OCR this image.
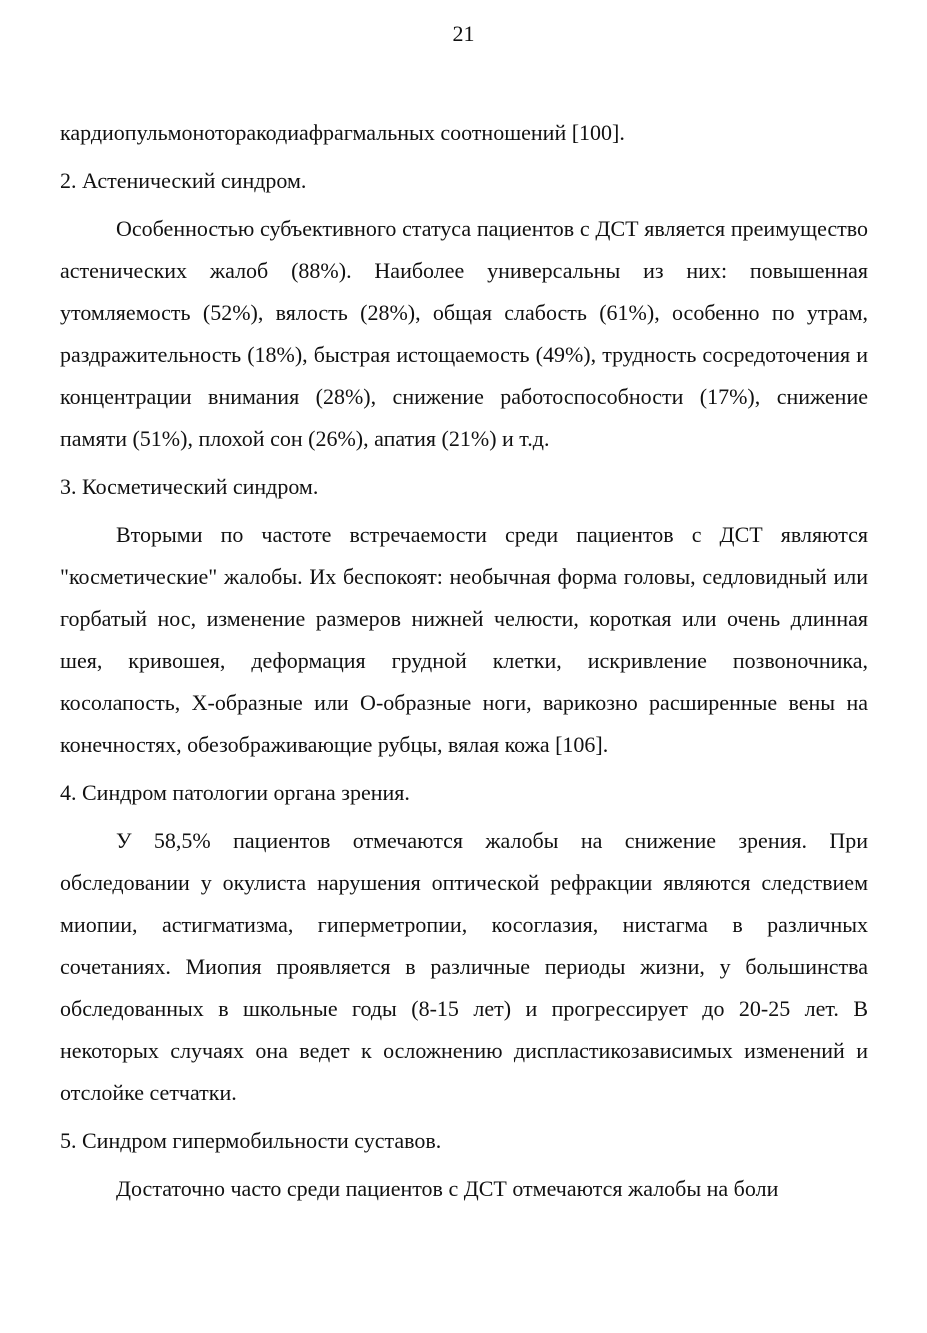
21

кардиопульмоноторакодиафрагмальных соотношений [100].

2. Астенический синдром.

Особенностью субъективного статуса пациентов с ДСТ является преимущество астенических жалоб (88%). Наиболее универсальны из них: повышенная утомляемость (52%), вялость (28%), общая слабость (61%), особенно по утрам, раздражительность (18%), быстрая истощаемость (49%), трудность сосредоточения и концентрации внимания (28%), снижение работоспособности (17%), снижение памяти (51%), плохой сон (26%), апатия (21%) и т.д.

3. Косметический синдром.

Вторыми по частоте встречаемости среди пациентов с ДСТ являются "косметические" жалобы. Их беспокоят: необычная форма головы, седловидный или горбатый нос, изменение размеров нижней челюсти, короткая или очень длинная шея, кривошея, деформация грудной клетки, искривление позвоночника, косолапость, Х-образные или О-образные ноги, варикозно расширенные вены на конечностях, обезображивающие рубцы, вялая кожа [106].

4. Синдром патологии органа зрения.

У 58,5% пациентов отмечаются жалобы на снижение зрения. При обследовании у окулиста нарушения оптической рефракции являются следствием миопии, астигматизма, гиперметропии, косоглазия, нистагма в различных сочетаниях. Миопия проявляется в различные периоды жизни, у большинства обследованных в школьные годы (8-15 лет) и прогрессирует до 20-25 лет. В некоторых случаях она ведет к осложнению диспластикозависимых изменений и отслойке сетчатки.

5. Синдром гипермобильности суставов.

Достаточно часто среди пациентов с ДСТ отмечаются жалобы на боли
